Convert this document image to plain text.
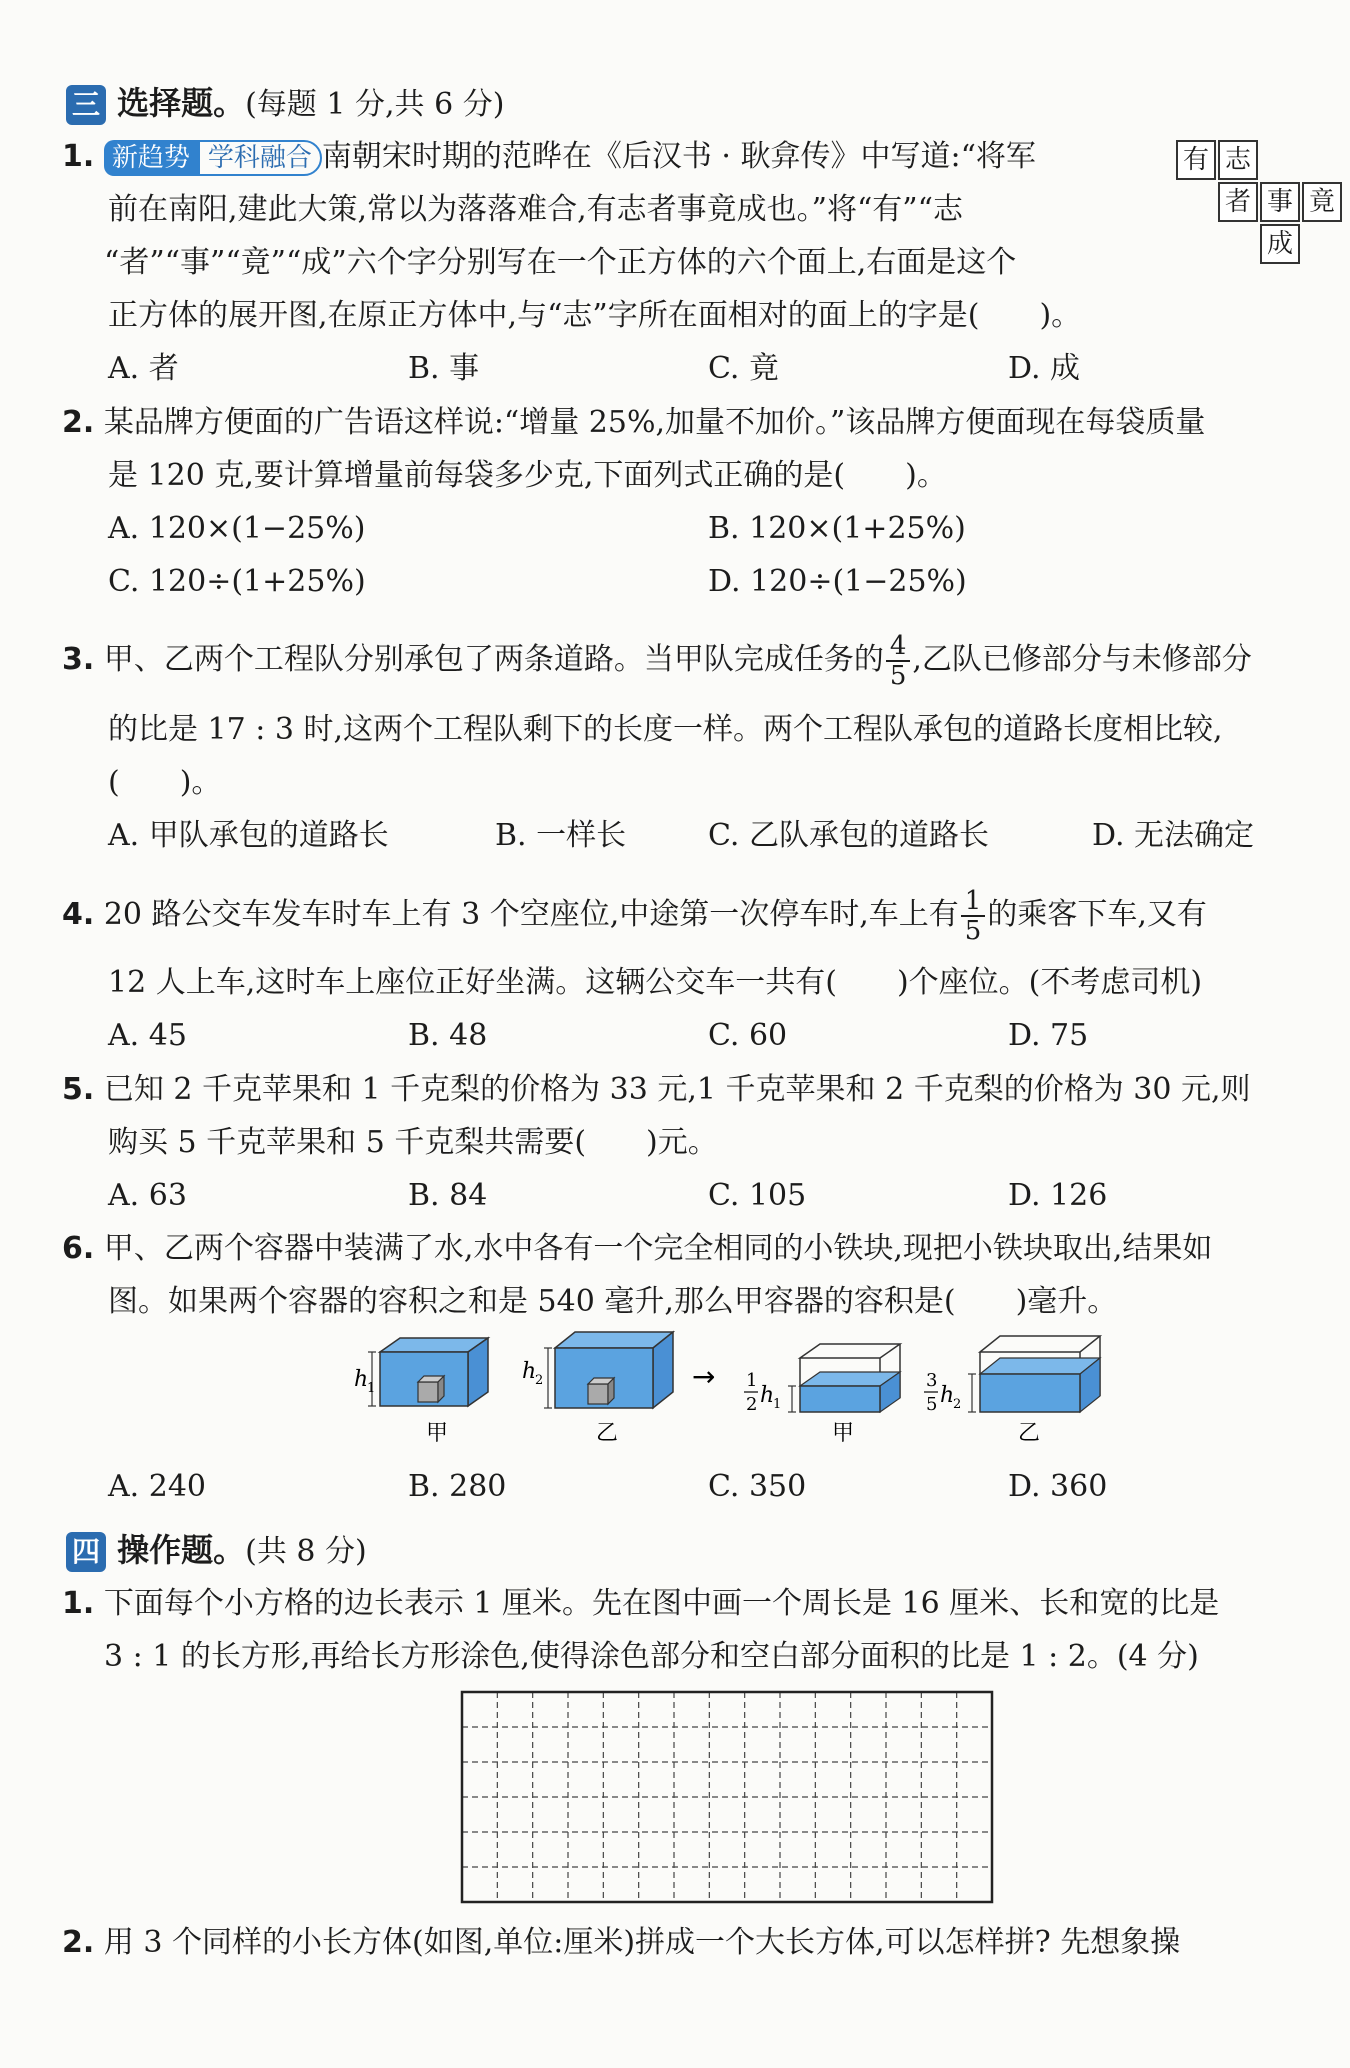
三 选择题。(每题 1 分,共 6 分)
1. 新趋势 学科融合 南朝宋时期的范晔在《后汉书 · 耿弇传》中写道:“将军
前在南阳,建此大策,常以为落落难合,有志者事竟成也。”将“有”“志
“者”“事”“竟”“成”六个字分别写在一个正方体的六个面上,右面是这个
正方体的展开图,在原正方体中,与“志”字所在面相对的面上的字是(　　)。
A. 者	B. 事	C. 竟	D. 成
有 志
者 事 竟
成
2. 某品牌方便面的广告语这样说:“增量 25%,加量不加价。”该品牌方便面现在每袋质量
是 120 克,要计算增量前每袋多少克,下面列式正确的是(　　)。
A. 120×(1−25%)	B. 120×(1+25%)
C. 120÷(1+25%)	D. 120÷(1−25%)
3. 甲、乙两个工程队分别承包了两条道路。当甲队完成任务的 $\frac{4}{5}$ ,乙队已修部分与未修部分
的比是 17 : 3 时,这两个工程队剩下的长度一样。两个工程队承包的道路长度相比较,
(　　)。
A. 甲队承包的道路长	B. 一样长	C. 乙队承包的道路长	D. 无法确定
4. 20 路公交车发车时车上有 3 个空座位,中途第一次停车时,车上有 $\frac{1}{5}$ 的乘客下车,又有
12 人上车,这时车上座位正好坐满。这辆公交车一共有(　　)个座位。(不考虑司机)
A. 45	B. 48	C. 60	D. 75
5. 已知 2 千克苹果和 1 千克梨的价格为 33 元,1 千克苹果和 2 千克梨的价格为 30 元,则
购买 5 千克苹果和 5 千克梨共需要(　　)元。
A. 63	B. 84	C. 105	D. 126
6. 甲、乙两个容器中装满了水,水中各有一个完全相同的小铁块,现把小铁块取出,结果如
图。如果两个容器的容积之和是 540 毫升,那么甲容器的容积是(　　)毫升。
h
1
甲
h
2
乙
→ 1
2 h
1
甲
3
5 h
2
乙
A. 240	B. 280	C. 350	D. 360
四 操作题。(共 8 分)
1. 下面每个小方格的边长表示 1 厘米。先在图中画一个周长是 16 厘米、长和宽的比是
3 : 1 的长方形,再给长方形涂色,使得涂色部分和空白部分面积的比是 1 : 2。(4 分)
2. 用 3 个同样的小长方体(如图,单位:厘米)拼成一个大长方体,可以怎样拼? 先想象操
